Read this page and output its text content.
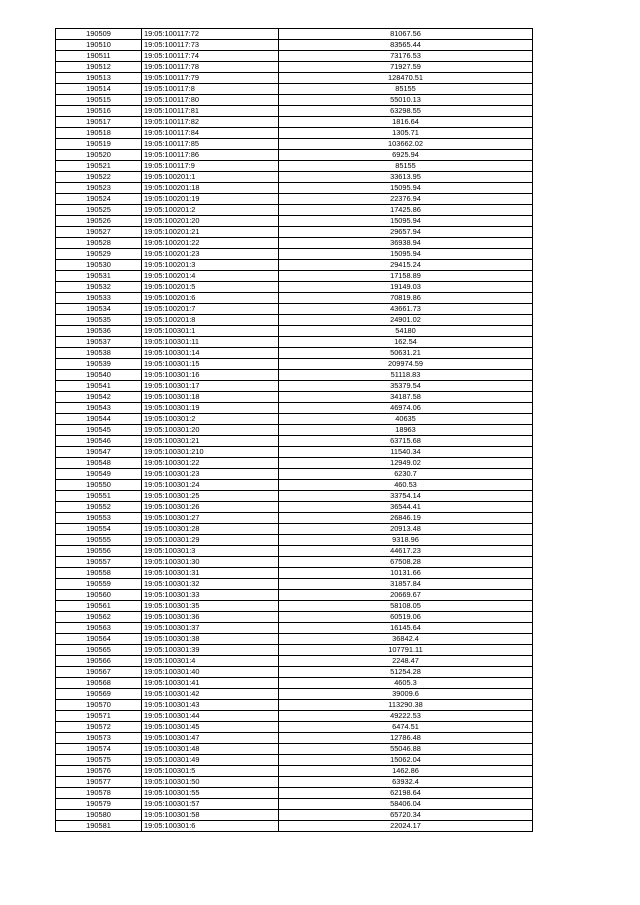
190509	19:05:100117:72	81067.56
190510	19:05:100117:73	83565.44
190511	19:05:100117:74	73176.53
190512	19:05:100117:78	71927.59
190513	19:05:100117:79	128470.51
190514	19:05:100117:8	85155
190515	19:05:100117:80	55010.13
190516	19:05:100117:81	63298.55
190517	19:05:100117:82	1816.64
190518	19:05:100117:84	1305.71
190519	19:05:100117:85	103662.02
190520	19:05:100117:86	6925.94
190521	19:05:100117:9	85155
190522	19:05:100201:1	33613.95
190523	19:05:100201:18	15095.94
190524	19:05:100201:19	22376.94
190525	19:05:100201:2	17425.86
190526	19:05:100201:20	15095.94
190527	19:05:100201:21	29657.94
190528	19:05:100201:22	36938.94
190529	19:05:100201:23	15095.94
190530	19:05:100201:3	29415.24
190531	19:05:100201:4	17158.89
190532	19:05:100201:5	19149.03
190533	19:05:100201:6	70819.86
190534	19:05:100201:7	43661.73
190535	19:05:100201:8	24901.02
190536	19:05:100301:1	54180
190537	19:05:100301:11	162.54
190538	19:05:100301:14	50631.21
190539	19:05:100301:15	209974.59
190540	19:05:100301:16	51118.83
190541	19:05:100301:17	35379.54
190542	19:05:100301:18	34187.58
190543	19:05:100301:19	46974.06
190544	19:05:100301:2	40635
190545	19:05:100301:20	18963
190546	19:05:100301:21	63715.68
190547	19:05:100301:210	11540.34
190548	19:05:100301:22	12949.02
190549	19:05:100301:23	6230.7
190550	19:05:100301:24	460.53
190551	19:05:100301:25	33754.14
190552	19:05:100301:26	36544.41
190553	19:05:100301:27	26846.19
190554	19:05:100301:28	20913.48
190555	19:05:100301:29	9318.96
190556	19:05:100301:3	44617.23
190557	19:05:100301:30	67508.28
190558	19:05:100301:31	10131.66
190559	19:05:100301:32	31857.84
190560	19:05:100301:33	20669.67
190561	19:05:100301:35	58108.05
190562	19:05:100301:36	60519.06
190563	19:05:100301:37	16145.64
190564	19:05:100301:38	36842.4
190565	19:05:100301:39	107791.11
190566	19:05:100301:4	2248.47
190567	19:05:100301:40	51254.28
190568	19:05:100301:41	4605.3
190569	19:05:100301:42	39009.6
190570	19:05:100301:43	113290.38
190571	19:05:100301:44	49222.53
190572	19:05:100301:45	6474.51
190573	19:05:100301:47	12786.48
190574	19:05:100301:48	55046.88
190575	19:05:100301:49	15062.04
190576	19:05:100301:5	1462.86
190577	19:05:100301:50	63932.4
190578	19:05:100301:55	62198.64
190579	19:05:100301:57	58406.04
190580	19:05:100301:58	65720.34
190581	19:05:100301:6	22024.17
